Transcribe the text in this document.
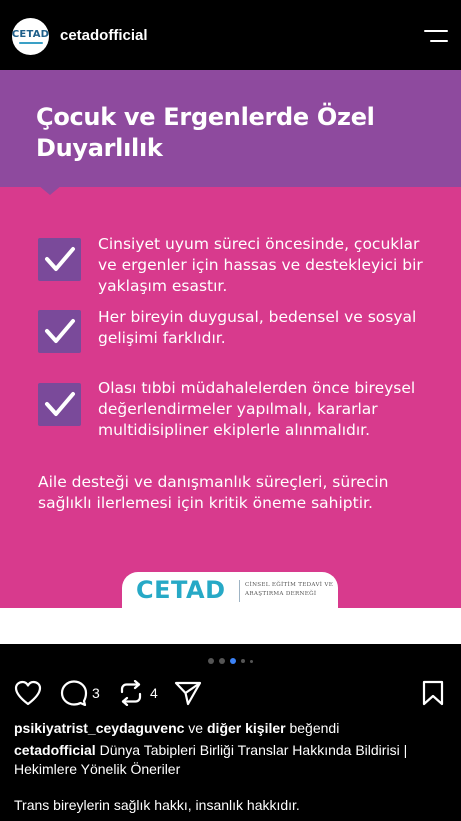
CETAD cetadofficial
Çocuk ve Ergenlerde Özel Duyarlılık
Cinsiyet uyum süreci öncesinde, çocuklar ve ergenler için hassas ve destekleyici bir yaklaşım esastır.
Her bireyin duygusal, bedensel ve sosyal gelişimi farklıdır.
Olası tıbbi müdahalelerden önce bireysel değerlendirmeler yapılmalı, kararlar multidisipliner ekiplerle alınmalıdır.
Aile desteği ve danışmanlık süreçleri, sürecin sağlıklı ilerlemesi için kritik öneme sahiptir.
CETAD	CİNSEL EĞİTİM TEDAVİ VE
ARAŞTIRMA DERNEĞİ
3	4
psikiyatrist_ceydaguvenc ve diğer kişiler beğendi
cetadofficial Dünya Tabipleri Birliği Translar Hakkında Bildirisi | Hekimlere Yönelik Öneriler
Trans bireylerin sağlık hakkı, insanlık hakkıdır.
